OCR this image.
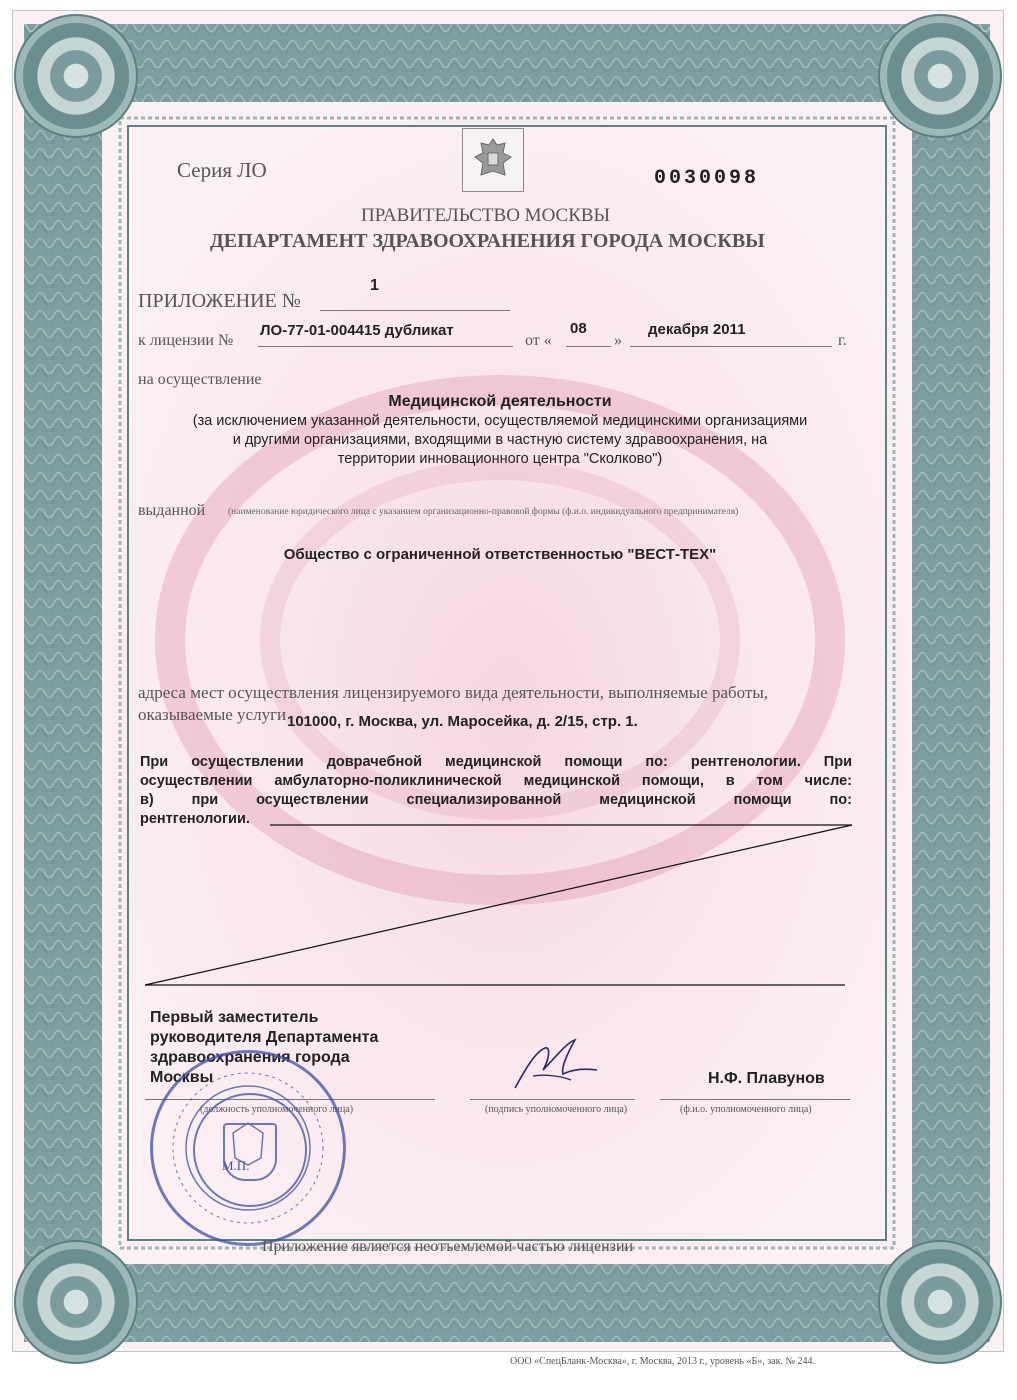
Серия ЛО	0030098
ПРАВИТЕЛЬСТВО МОСКВЫ
ДЕПАРТАМЕНТ ЗДРАВООХРАНЕНИЯ ГОРОДА МОСКВЫ
ПРИЛОЖЕНИЕ №
1
к лицензии №
ЛО-77-01-004415 дубликат
от «
08
»
декабря 2011
г.
на осуществление
Медицинской деятельности
(за исключением указанной деятельности, осуществляемой медицинскими организациями
и другими организациями, входящими в частную систему здравоохранения, на
территории инновационного центра "Сколково")
выданной (наименование юридического лица с указанием организационно-правовой формы (ф.и.о. индивидуального предпринимателя)
Общество с ограниченной ответственностью "ВЕСТ-ТЕХ"
адреса мест осуществления лицензируемого вида деятельности, выполняемые работы,
оказываемые услуги 101000, г. Москва, ул. Маросейка, д. 2/15, стр. 1.
При осуществлении доврачебной медицинской помощи по: рентгенологии. При
осуществлении амбулаторно-поликлинической медицинской помощи, в том числе:
в)	при	осуществлении	специализированной	медицинской	помощи	по:
рентгенологии.
Первый заместитель
руководителя Департамента
здравоохранения города
Москвы	Н.Ф. Плавунов
(должность уполномоченного лица)	(подпись уполномоченного лица)	(ф.и.о. уполномоченного лица)
М.П.
Приложение является неотъемлемой частью лицензии
ООО «СпецБланк-Москва», г. Москва, 2013 г., уровень «Б», зак. № 244.
